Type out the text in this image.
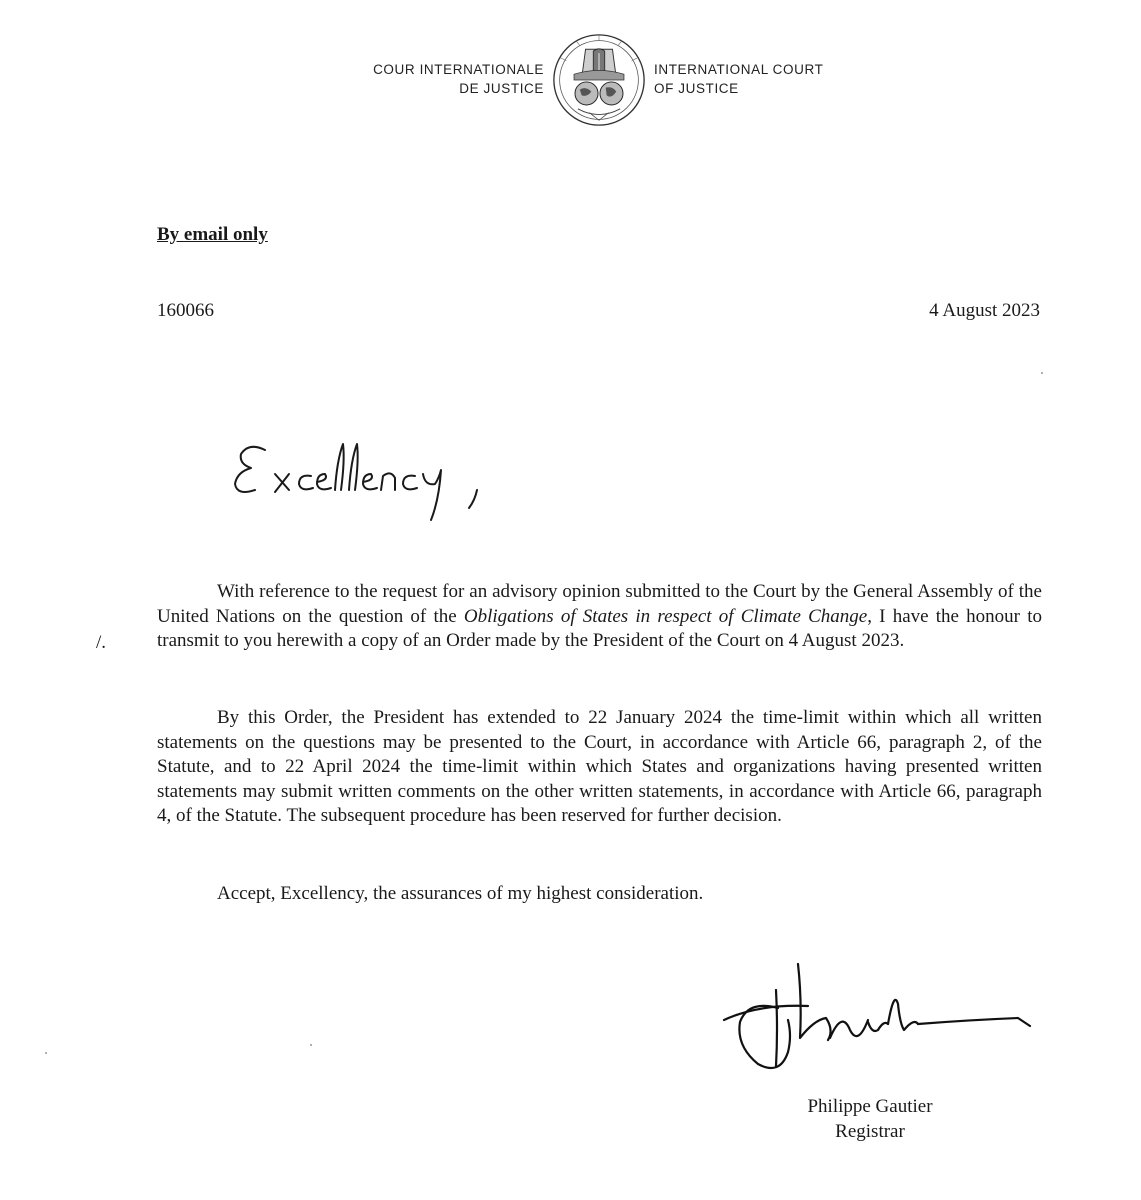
COUR INTERNATIONALE
DE JUSTICE
INTERNATIONAL COURT
OF JUSTICE
By email only
160066	4 August 2023
/.
With reference to the request for an advisory opinion submitted to the Court by the General Assembly of the United Nations on the question of the Obligations of States in respect of Climate Change, I have the honour to transmit to you herewith a copy of an Order made by the President of the Court on 4 August 2023.
By this Order, the President has extended to 22 January 2024 the time-limit within which all written statements on the questions may be presented to the Court, in accordance with Article 66, paragraph 2, of the Statute, and to 22 April 2024 the time-limit within which States and organizations having presented written statements may submit written comments on the other written statements, in accordance with Article 66, paragraph 4, of the Statute. The subsequent procedure has been reserved for further decision.
Accept, Excellency, the assurances of my highest consideration.
Philippe Gautier
Registrar
